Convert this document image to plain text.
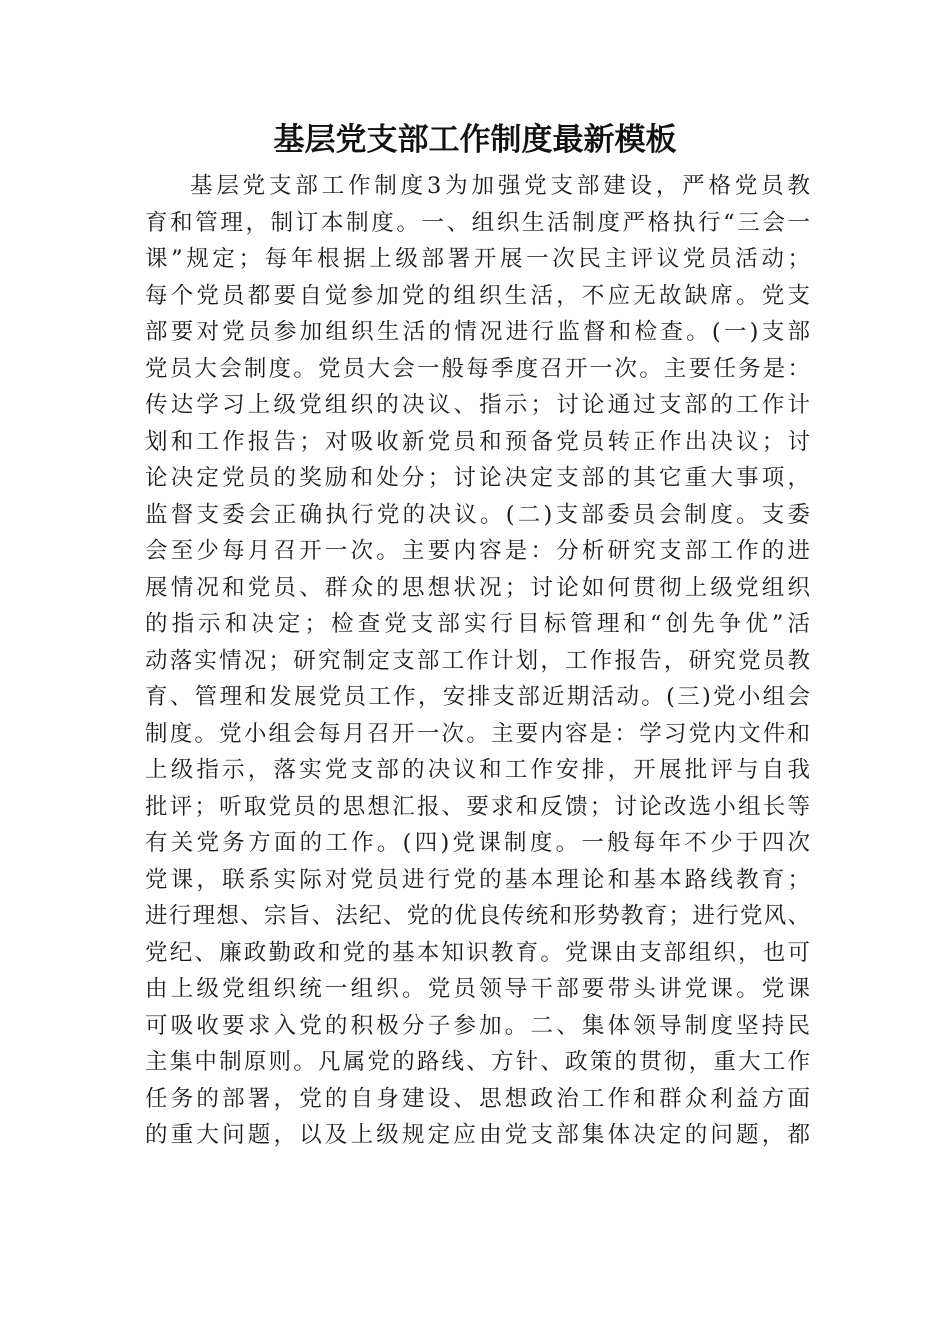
基层党支部工作制度最新模板
基层党支部工作制度3为加强党支部建设，严格党员教
育和管理，制订本制度。一、组织生活制度严格执行“三会一
课”规定；每年根据上级部署开展一次民主评议党员活动；
每个党员都要自觉参加党的组织生活，不应无故缺席。党支
部要对党员参加组织生活的情况进行监督和检查。(一)支部
党员大会制度。党员大会一般每季度召开一次。主要任务是：
传达学习上级党组织的决议、指示；讨论通过支部的工作计
划和工作报告；对吸收新党员和预备党员转正作出决议；讨
论决定党员的奖励和处分；讨论决定支部的其它重大事项，
监督支委会正确执行党的决议。(二)支部委员会制度。支委
会至少每月召开一次。主要内容是：分析研究支部工作的进
展情况和党员、群众的思想状况；讨论如何贯彻上级党组织
的指示和决定；检查党支部实行目标管理和“创先争优”活
动落实情况；研究制定支部工作计划，工作报告，研究党员教
育、管理和发展党员工作，安排支部近期活动。(三)党小组会
制度。党小组会每月召开一次。主要内容是：学习党内文件和
上级指示，落实党支部的决议和工作安排，开展批评与自我
批评；听取党员的思想汇报、要求和反馈；讨论改选小组长等
有关党务方面的工作。(四)党课制度。一般每年不少于四次
党课，联系实际对党员进行党的基本理论和基本路线教育；
进行理想、宗旨、法纪、党的优良传统和形势教育；进行党风、
党纪、廉政勤政和党的基本知识教育。党课由支部组织，也可
由上级党组织统一组织。党员领导干部要带头讲党课。党课
可吸收要求入党的积极分子参加。二、集体领导制度坚持民
主集中制原则。凡属党的路线、方针、政策的贯彻，重大工作
任务的部署，党的自身建设、思想政治工作和群众利益方面
的重大问题，以及上级规定应由党支部集体决定的问题，都
